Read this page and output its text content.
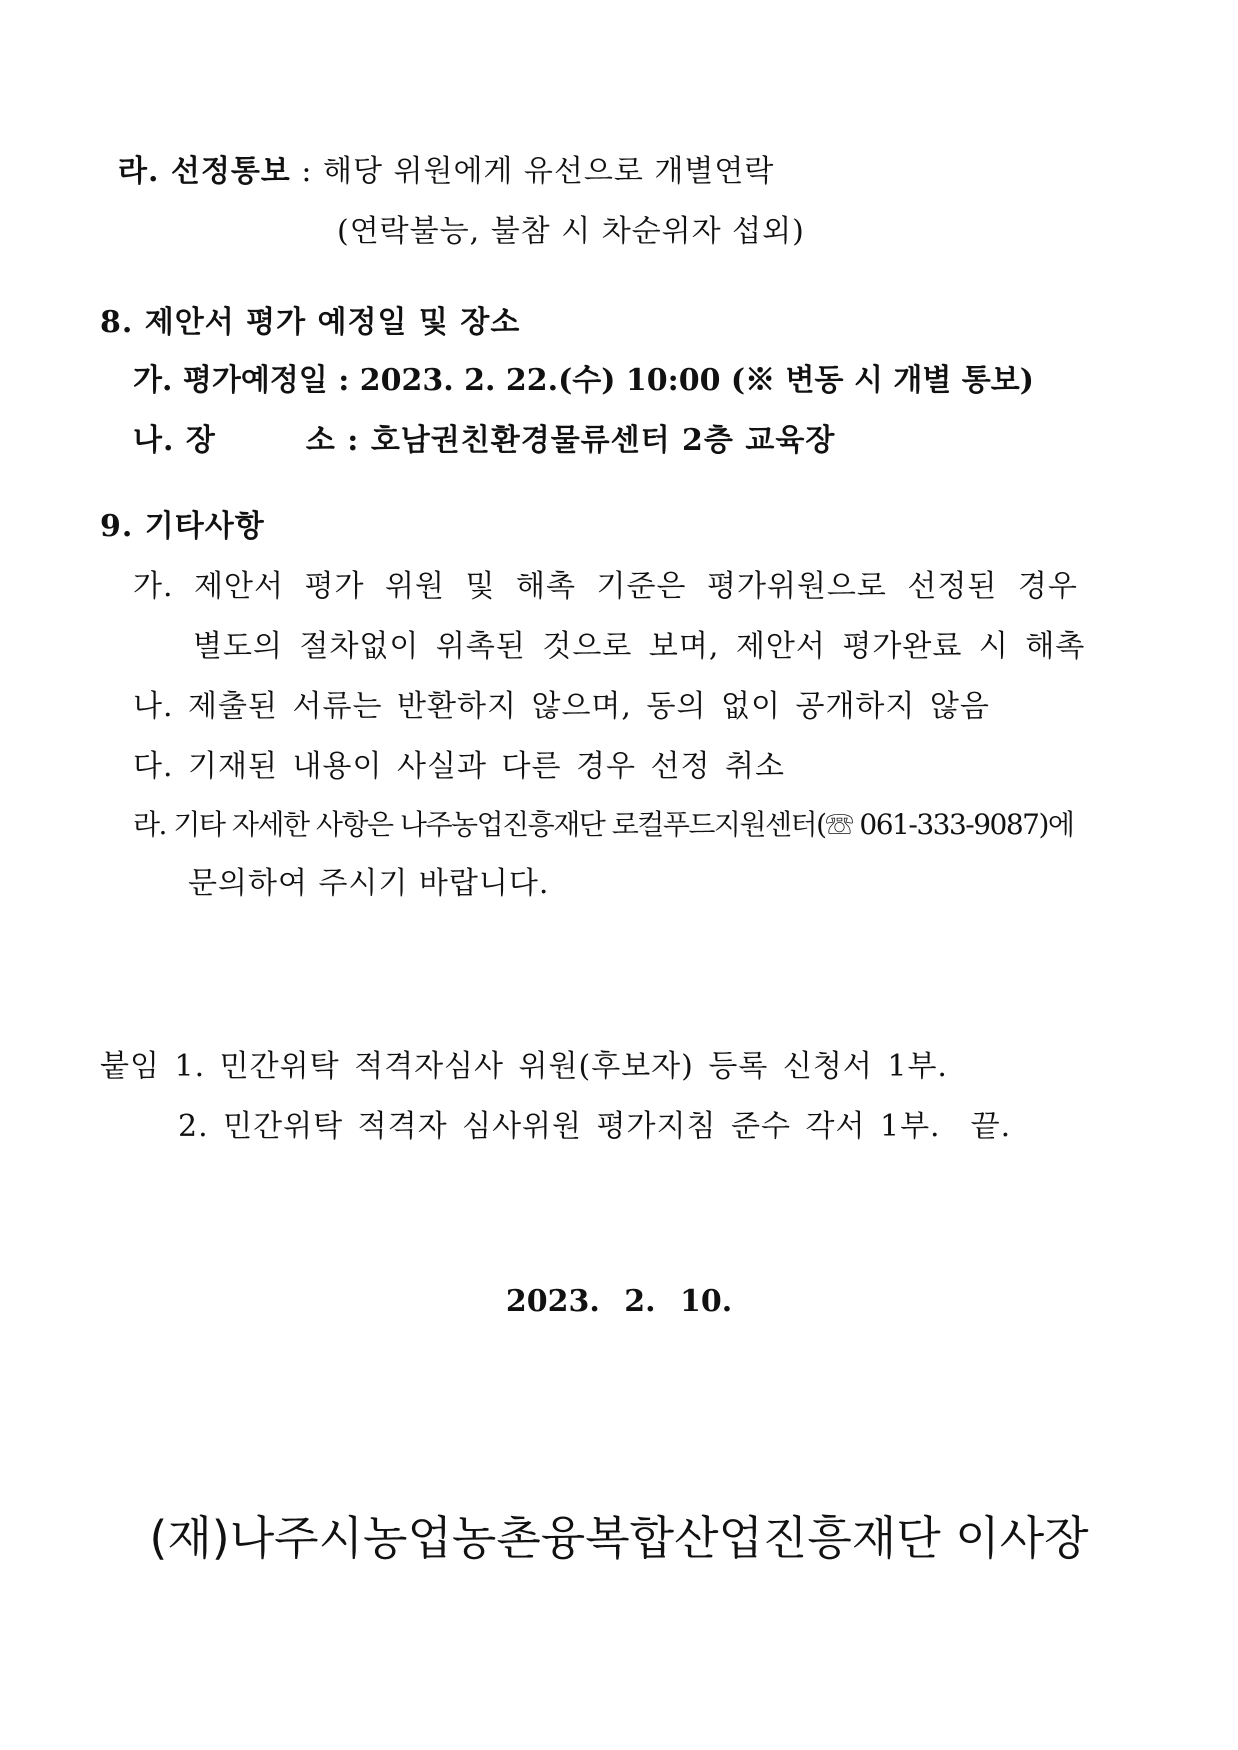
라. 선정통보 : 해당 위원에게 유선으로 개별연락
(연락불능, 불참 시 차순위자 섭외)
8. 제안서 평가 예정일 및 장소
가. 평가예정일 : 2023. 2. 22.(수) 10:00 (※ 변동 시 개별 통보)
나. 장	소 : 호남권친환경물류센터 2층 교육장
9. 기타사항
가. 제안서 평가 위원 및 해촉 기준은 평가위원으로 선정된 경우
별도의 절차없이 위촉된 것으로 보며, 제안서 평가완료 시 해촉
나. 제출된 서류는 반환하지 않으며, 동의 없이 공개하지 않음
다. 기재된 내용이 사실과 다른 경우 선정 취소
라. 기타 자세한 사항은 나주농업진흥재단 로컬푸드지원센터(☏ 061-333-9087)에
문의하여 주시기 바랍니다.
붙임 1. 민간위탁 적격자심사 위원(후보자) 등록 신청서 1부.
2. 민간위탁 적격자 심사위원 평가지침 준수 각서 1부. 끝.
2023. 2. 10.
(재)나주시농업농촌융복합산업진흥재단 이사장
